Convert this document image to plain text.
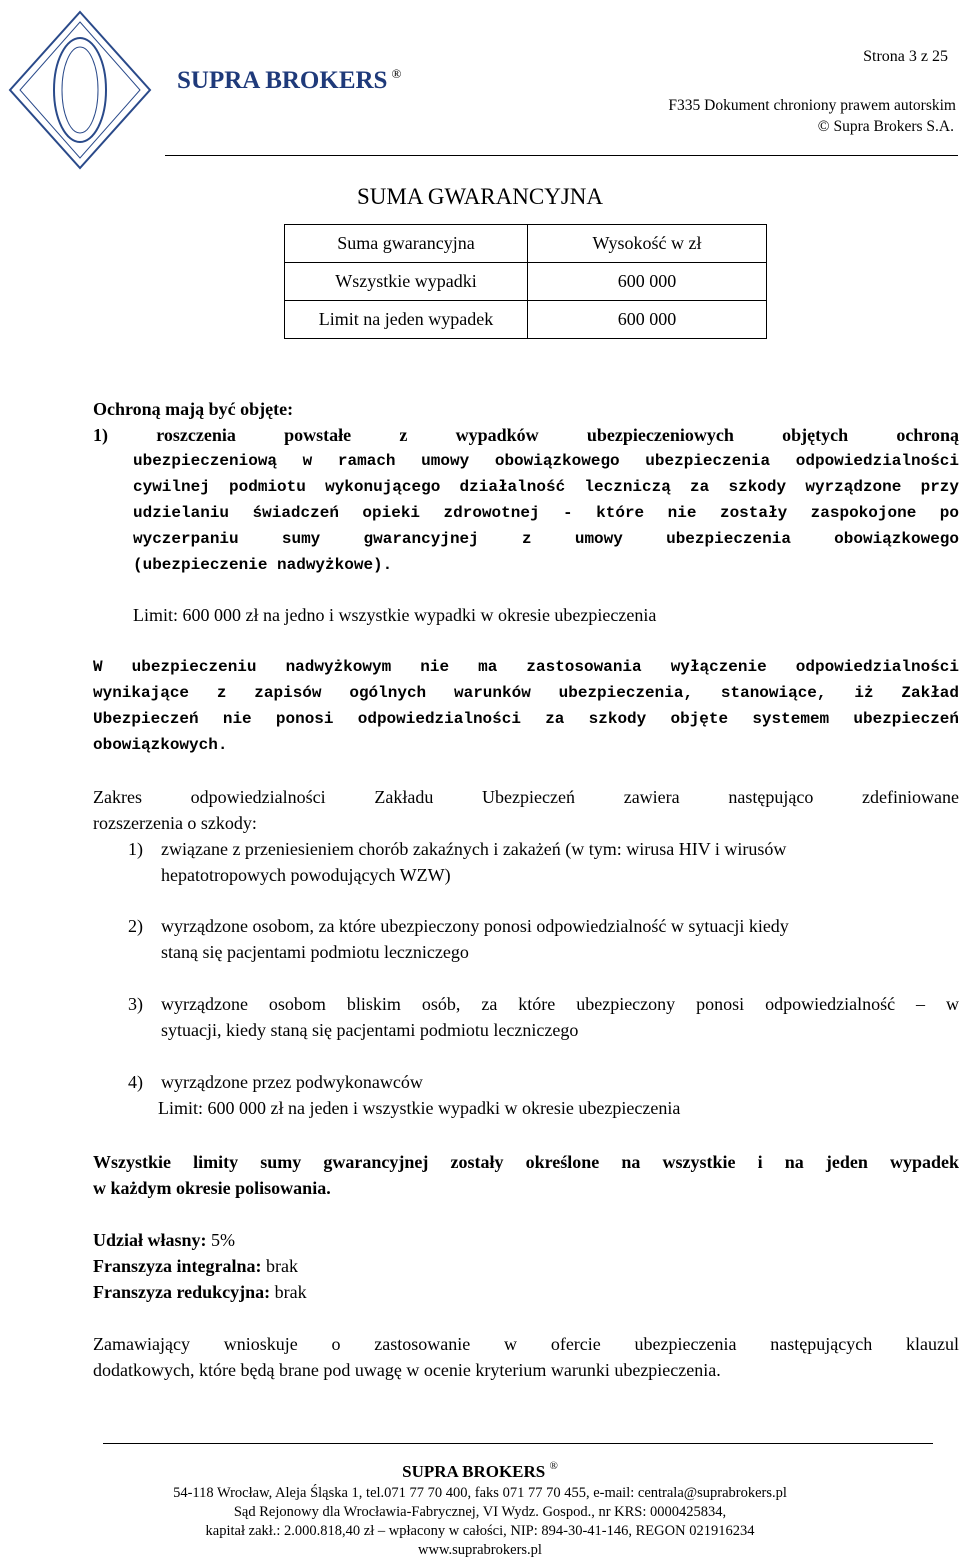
SUPRA BROKERS ®
Strona 3 z 25
F335 Dokument chroniony prawem autorskim
© Supra Brokers S.A.
SUMA GWARANCYJNA
Suma gwarancyjna	Wysokość w zł
Wszystkie wypadki	600 000
Limit na jeden wypadek	600 000
Ochroną mają być objęte:
1) roszczenia powstałe z wypadków ubezpieczeniowych objętych ochroną
ubezpieczeniową w ramach umowy obowiązkowego ubezpieczenia odpowiedzialności
cywilnej podmiotu wykonującego działalność leczniczą za szkody wyrządzone przy
udzielaniu świadczeń opieki zdrowotnej - które nie zostały zaspokojone po
wyczerpaniu sumy gwarancyjnej z umowy ubezpieczenia obowiązkowego
(ubezpieczenie nadwyżkowe).
Limit: 600 000 zł na jedno i wszystkie wypadki w okresie ubezpieczenia
W ubezpieczeniu nadwyżkowym nie ma zastosowania wyłączenie odpowiedzialności
wynikające z zapisów ogólnych warunków ubezpieczenia, stanowiące, iż Zakład
Ubezpieczeń nie ponosi odpowiedzialności za szkody objęte systemem ubezpieczeń
obowiązkowych.
Zakres odpowiedzialności Zakładu Ubezpieczeń zawiera następująco zdefiniowane
rozszerzenia o szkody:
1)	związane z przeniesieniem chorób zakaźnych i zakażeń (w tym: wirusa HIV i wirusów
hepatotropowych powodujących WZW)
2)	wyrządzone osobom, za które ubezpieczony ponosi odpowiedzialność w sytuacji kiedy
staną się pacjentami podmiotu leczniczego
3)	wyrządzone osobom bliskim osób, za które ubezpieczony ponosi odpowiedzialność – w
sytuacji, kiedy staną się pacjentami podmiotu leczniczego
4)	wyrządzone przez podwykonawców
Limit: 600 000 zł na jeden i wszystkie wypadki w okresie ubezpieczenia
Wszystkie limity sumy gwarancyjnej zostały określone na wszystkie i na jeden wypadek
w każdym okresie polisowania.
Udział własny: 5%
Franszyza integralna: brak
Franszyza redukcyjna: brak
Zamawiający wnioskuje o zastosowanie w ofercie ubezpieczenia następujących klauzul
dodatkowych, które będą brane pod uwagę w ocenie kryterium warunki ubezpieczenia.
SUPRA BROKERS ®
54-118 Wrocław, Aleja Śląska 1, tel.071 77 70 400, faks 071 77 70 455, e-mail: centrala@suprabrokers.pl
Sąd Rejonowy dla Wrocławia-Fabrycznej, VI Wydz. Gospod., nr KRS: 0000425834,
kapitał zakł.: 2.000.818,40 zł – wpłacony w całości, NIP: 894-30-41-146, REGON 021916234
www.suprabrokers.pl
